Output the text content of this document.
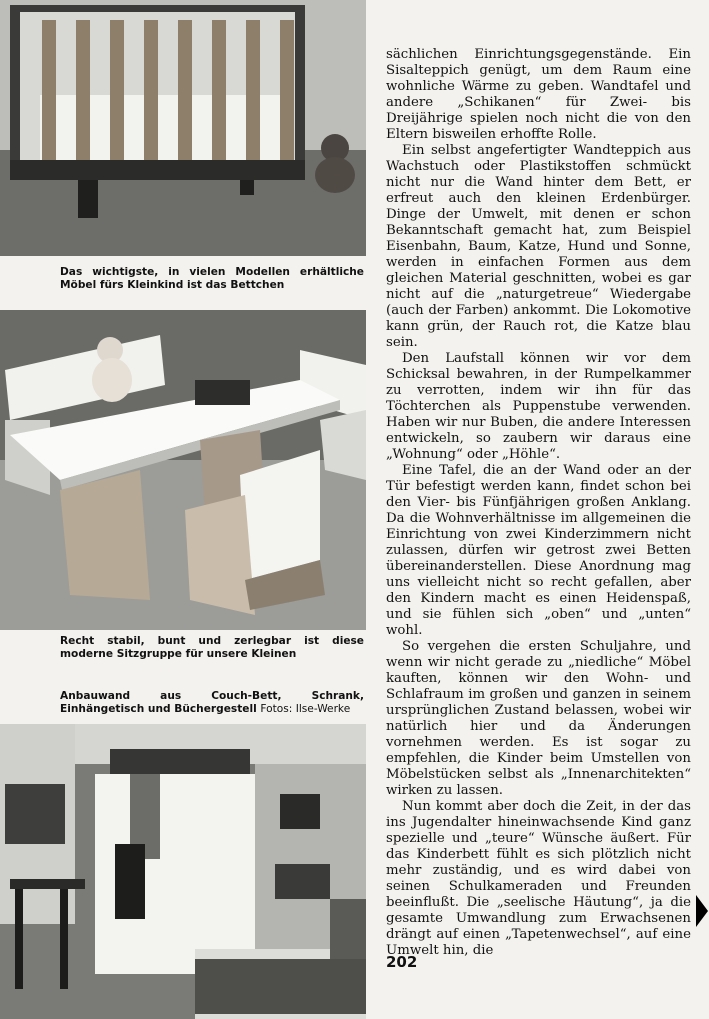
Das wichtigste, in vielen Modellen erhältliche Möbel fürs Kleinkind ist das Bettchen

Recht stabil, bunt und zerlegbar ist diese moderne Sitzgruppe für unsere Kleinen

Anbauwand aus Couch-Bett, Schrank, Einhängetisch und Büchergestell Fotos: Ilse-Werke

sächlichen Einrichtungsgegenstände. Ein Sisalteppich genügt, um dem Raum eine wohnliche Wärme zu geben. Wandtafel und andere „Schikanen“ für Zwei- bis Dreijährige spielen noch nicht die von den Eltern bisweilen erhoffte Rolle.

Ein selbst angefertigter Wandteppich aus Wachstuch oder Plastikstoffen schmückt nicht nur die Wand hinter dem Bett, er erfreut auch den kleinen Erdenbürger. Dinge der Umwelt, mit denen er schon Bekanntschaft gemacht hat, zum Beispiel Eisenbahn, Baum, Katze, Hund und Sonne, werden in einfachen Formen aus dem gleichen Material geschnitten, wobei es gar nicht auf die „naturgetreue“ Wiedergabe (auch der Farben) ankommt. Die Lokomotive kann grün, der Rauch rot, die Katze blau sein.

Den Laufstall können wir vor dem Schicksal bewahren, in der Rumpelkammer zu verrotten, indem wir ihn für das Töchterchen als Puppenstube verwenden. Haben wir nur Buben, die andere Interessen entwickeln, so zaubern wir daraus eine „Wohnung“ oder „Höhle“.

Eine Tafel, die an der Wand oder an der Tür befestigt werden kann, findet schon bei den Vier- bis Fünfjährigen großen Anklang. Da die Wohnverhältnisse im allgemeinen die Einrichtung von zwei Kinderzimmern nicht zulassen, dürfen wir getrost zwei Betten übereinanderstellen. Diese Anordnung mag uns vielleicht nicht so recht gefallen, aber den Kindern macht es einen Heidenspaß, und sie fühlen sich „oben“ und „unten“ wohl.

So vergehen die ersten Schuljahre, und wenn wir nicht gerade zu „niedliche“ Möbel kauften, können wir den Wohn- und Schlafraum im großen und ganzen in seinem ursprünglichen Zustand belassen, wobei wir natürlich hier und da Änderungen vornehmen werden. Es ist sogar zu empfehlen, die Kinder beim Umstellen von Möbelstücken selbst als „Innenarchitekten“ wirken zu lassen.

Nun kommt aber doch die Zeit, in der das ins Jugendalter hineinwachsende Kind ganz spezielle und „teure“ Wünsche äußert. Für das Kinderbett fühlt es sich plötzlich nicht mehr zuständig, und es wird dabei von seinen Schulkameraden und Freunden beeinflußt. Die „seelische Häutung“, ja die gesamte Umwandlung zum Erwachsenen drängt auf einen „Tapetenwechsel“, auf eine Umwelt hin, die

202
